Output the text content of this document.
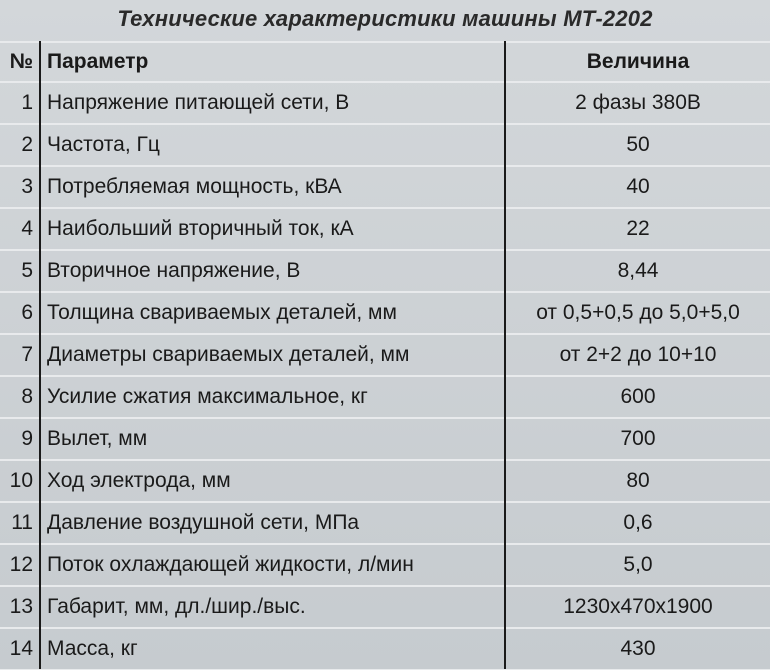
Технические характеристики машины МТ-2202
№	Параметр	Величина
1	Напряжение питающей сети, В	2 фазы 380В
2	Частота, Гц	50
3	Потребляемая мощность, кВА	40
4	Наибольший вторичный ток, кА	22
5	Вторичное напряжение, В	8,44
6	Толщина свариваемых деталей, мм	от 0,5+0,5 до 5,0+5,0
7	Диаметры свариваемых деталей, мм	от 2+2 до 10+10
8	Усилие сжатия максимальное, кг	600
9	Вылет, мм	700
10	Ход электрода, мм	80
11	Давление воздушной сети, МПа	0,6
12	Поток охлаждающей жидкости, л/мин	5,0
13	Габарит, мм, дл./шир./выс.	1230х470х1900
14	Масса, кг	430
